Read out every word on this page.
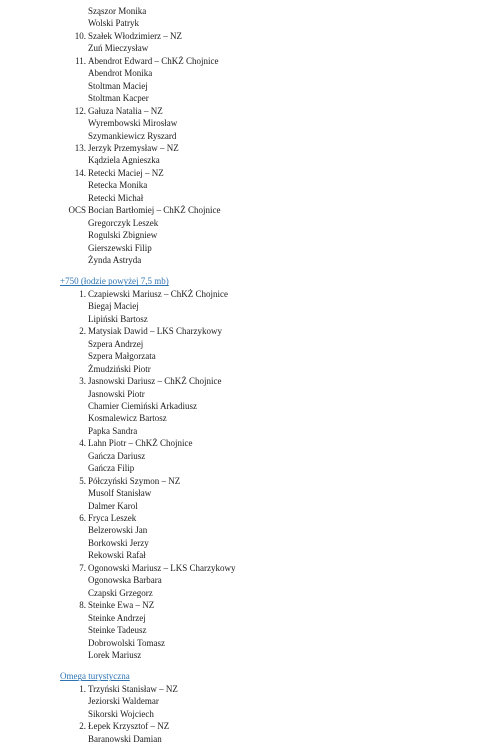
Sząszor Monika
Wolski Patryk
10. Szałek Włodzimierz – NZ
Zuń Mieczysław
11. Abendrot Edward – ChKŻ Chojnice
Abendrot Monika
Stoltman Maciej
Stoltman Kacper
12. Gałuza Natalia – NZ
Wyrembowski Mirosław
Szymankiewicz Ryszard
13. Jerzyk Przemysław – NZ
Kądziela Agnieszka
14. Retecki Maciej – NZ
Retecka Monika
Retecki Michał
OCS Bocian Bartłomiej – ChKŻ Chojnice
Gregorczyk Leszek
Rogulski Zbigniew
Gierszewski Filip
Żynda Astryda
+750 (łodzie powyżej 7,5 mb)
1. Czapiewski Mariusz – ChKŻ Chojnice
Biegaj Maciej
Lipiński Bartosz
2. Matysiak Dawid – LKS Charzykowy
Szpera Andrzej
Szpera Małgorzata
Żmudziński Piotr
3. Jasnowski Dariusz – ChKŻ Chojnice
Jasnowski Piotr
Chamier Ciemiński Arkadiusz
Kosmalewicz Bartosz
Papka Sandra
4. Lahn Piotr – ChKŻ Chojnice
Gańcza Dariusz
Gańcza Filip
5. Półczyński Szymon – NZ
Musolf Stanisław
Dalmer Karol
6. Fryca Leszek
Belzerowski Jan
Borkowski Jerzy
Rekowski Rafał
7. Ogonowski Mariusz – LKS Charzykowy
Ogonowska Barbara
Czapski Grzegorz
8. Steinke Ewa – NZ
Steinke Andrzej
Steinke Tadeusz
Dobrowolski Tomasz
Lorek Mariusz
Omega turystyczna
1. Trzyński Stanisław – NZ
Jeziorski Waldemar
Sikorski Wojciech
2. Łepek Krzysztof – NZ
Baranowski Damian
